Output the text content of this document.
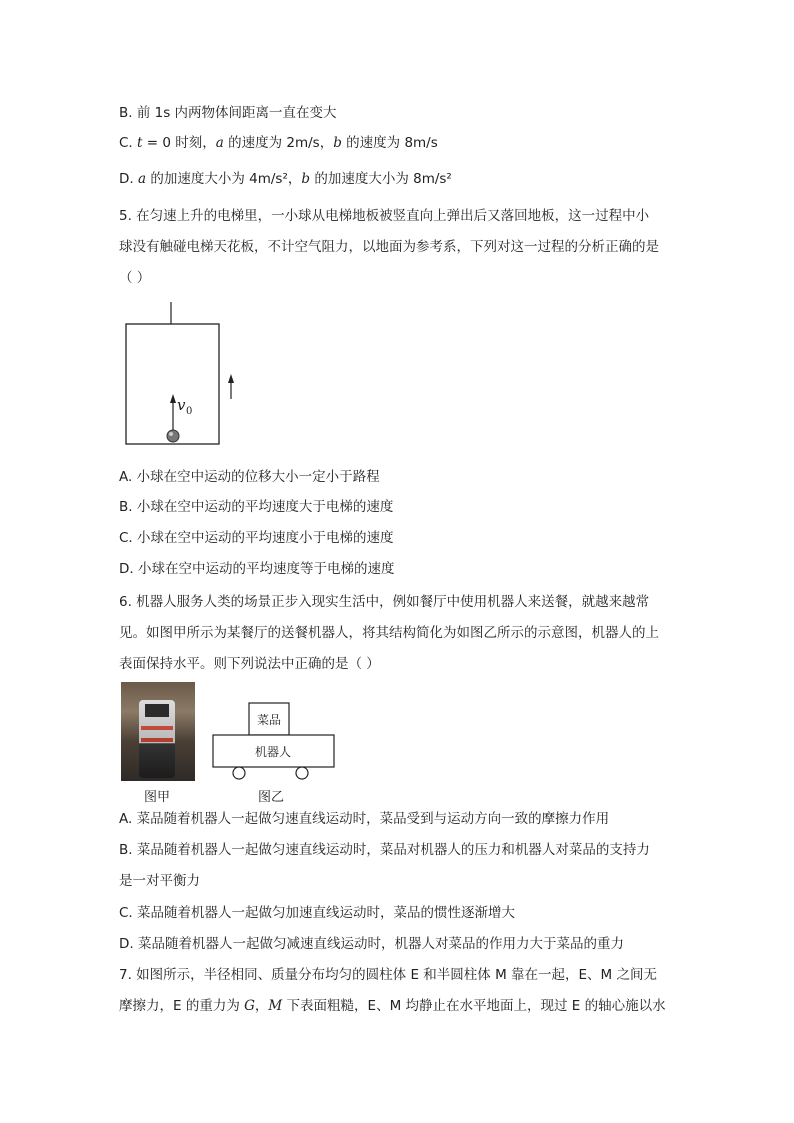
B. 前 1s 内两物体间距离一直在变大
C. t = 0 时刻，a 的速度为 2m/s，b 的速度为 8m/s
D. a 的加速度大小为 4m/s²，b 的加速度大小为 8m/s²
5. 在匀速上升的电梯里，一小球从电梯地板被竖直向上弹出后又落回地板，这一过程中小
球没有触碰电梯天花板，不计空气阻力，以地面为参考系，下列对这一过程的分析正确的是
（ ）
v 0
A. 小球在空中运动的位移大小一定小于路程
B. 小球在空中运动的平均速度大于电梯的速度
C. 小球在空中运动的平均速度小于电梯的速度
D. 小球在空中运动的平均速度等于电梯的速度
6. 机器人服务人类的场景正步入现实生活中，例如餐厅中使用机器人来送餐，就越来越常
见。如图甲所示为某餐厅的送餐机器人，将其结构简化为如图乙所示的示意图，机器人的上
表面保持水平。则下列说法中正确的是（ ）
菜品
机器人
图甲	图乙
A. 菜品随着机器人一起做匀速直线运动时，菜品受到与运动方向一致的摩擦力作用
B. 菜品随着机器人一起做匀速直线运动时，菜品对机器人的压力和机器人对菜品的支持力
是一对平衡力
C. 菜品随着机器人一起做匀加速直线运动时，菜品的惯性逐渐增大
D. 菜品随着机器人一起做匀减速直线运动时，机器人对菜品的作用力大于菜品的重力
7. 如图所示，半径相同、质量分布均匀的圆柱体 E 和半圆柱体 M 靠在一起，E、M 之间无
摩擦力，E 的重力为 G，M 下表面粗糙，E、M 均静止在水平地面上，现过 E 的轴心施以水
